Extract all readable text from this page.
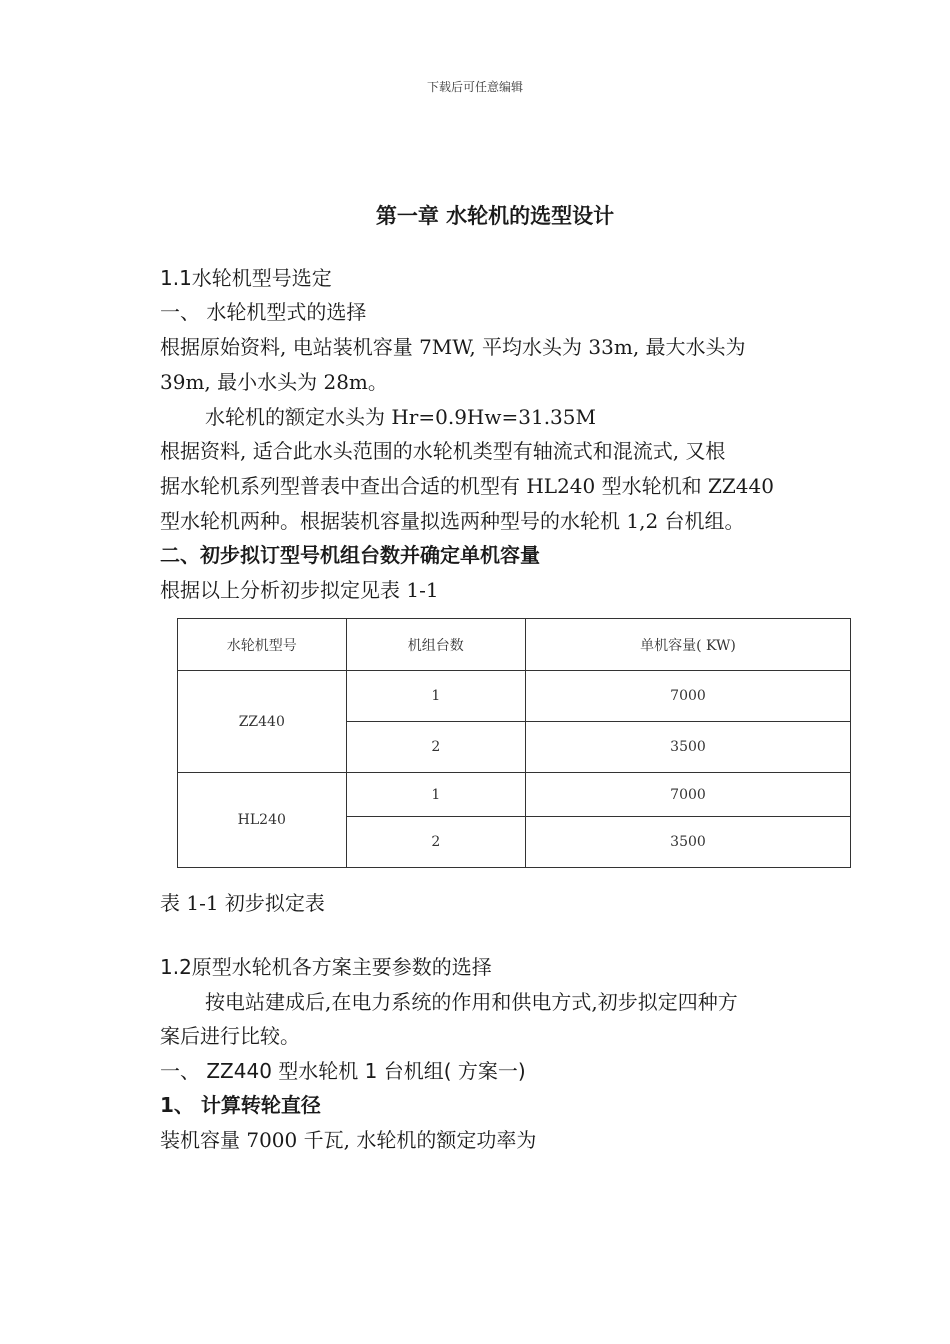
下载后可任意编辑
第一章 水轮机的选型设计
1.1水轮机型号选定
一、 水轮机型式的选择
根据原始资料, 电站装机容量 7MW, 平均水头为 33m, 最大水头为
39m, 最小水头为 28m。
水轮机的额定水头为 Hr=0.9Hw=31.35M
根据资料, 适合此水头范围的水轮机类型有轴流式和混流式, 又根
据水轮机系列型普表中查出合适的机型有 HL240 型水轮机和 ZZ440
型水轮机两种。根据装机容量拟选两种型号的水轮机 1,2 台机组。
二、初步拟订型号机组台数并确定单机容量
根据以上分析初步拟定见表 1-1
水轮机型号	机组台数	单机容量( KW)
ZZ440	1	7000
	2	3500
HL240	1	7000
	2	3500
表 1-1 初步拟定表
1.2原型水轮机各方案主要参数的选择
按电站建成后,在电力系统的作用和供电方式,初步拟定四种方
案后进行比较。
一、 ZZ440 型水轮机 1 台机组( 方案一)
1、 计算转轮直径
装机容量 7000 千瓦, 水轮机的额定功率为
